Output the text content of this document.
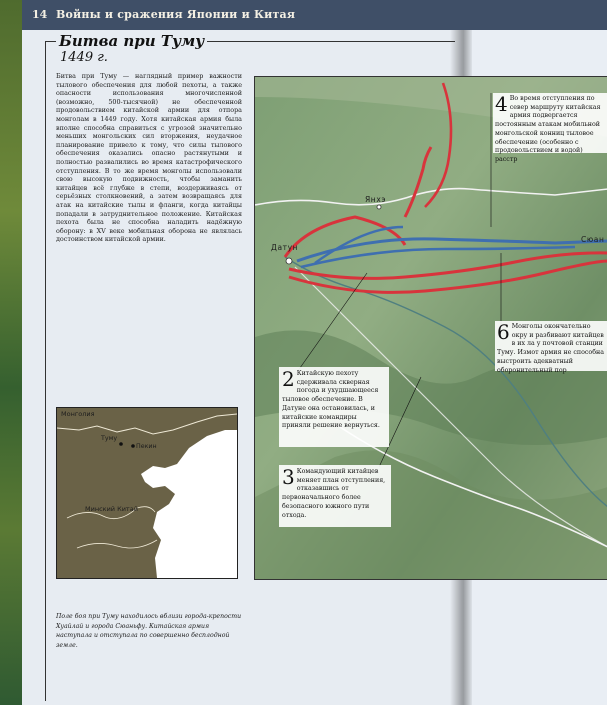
14 Войны и сражения Японии и Китая
Битва при Туму
1449 г.

Битва при Туму — наглядный пример важности тылового обеспечения для любой пехоты, а также опасности использования многочисленной (возможно, 500-тысячной) не обеспеченной продовольствием китайской армии для отпора монголам в 1449 году. Хотя китайская армия была вполне способна справиться с угрозой значительно меньших монгольских сил вторжения, неудачное планирование привело к тому, что силы тылового обеспечения оказались опасно растянутыми и полностью развалились во время катастрофического отступления. В то же время монголы использовали свою высокую подвижность, чтобы заманить китайцев всё глубже в степи, воздерживаясь от серьёзных столкновений, а затем возвращаясь для атак на китайские тылы и фланги, когда китайцы попадали в затруднительное положение. Китайская пехота была не способна наладить надёжную оборону: в XV веке мобильная оборона не являлась достоинством китайской армии.

Монголия
Туму
Пекин
Минский Китай

Поле боя при Туму находилось вблизи города-крепости Хуайлай и города Сюаньфу. Китайская армия наступала и отступала по совершенно бесплодной земле.

Янхэ
Датун
Сюан
4 Во время отступления по север маршруту китайская армия подвергается постоянным атакам мобильной монгольской конниц тыловое обеспечение (особенно с продовольствием и водой) расстр
2 Китайскую пехоту сдерживала скверная погода и ухудшающееся тыловое обеспечение. В Датуне она остановилась, и китайские командиры приняли решение вернуться.
3 Командующий китайцев меняет план отступления, отказавшись от первоначального более безопасного южного пути отхода.
6 Монголы окончательно окру и разбивают китайцев в их ла у почтовой станции Туму. Измот армия не способна выстроить адекватный оборонительный пор
